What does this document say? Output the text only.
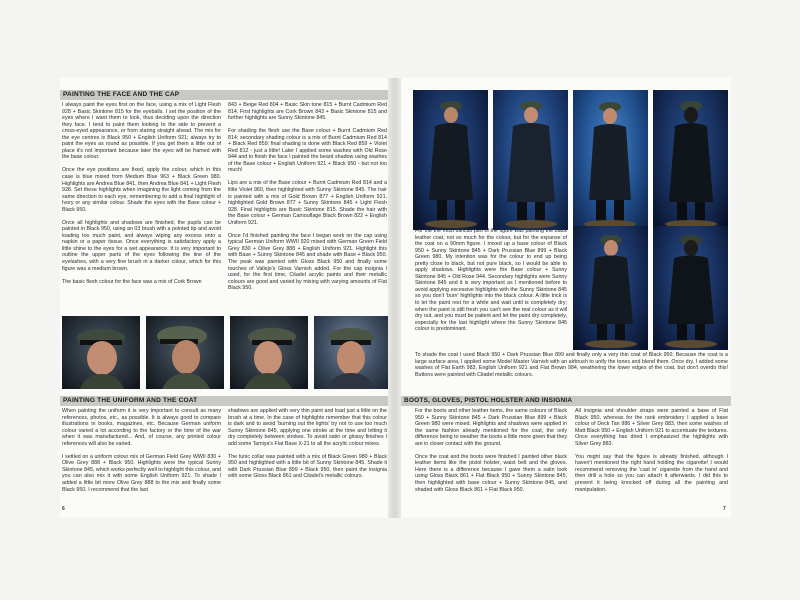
PAINTING THE FACE AND THE CAP

I always paint the eyes first on the face, using a mix of Light Flesh 928 + Basic Skintone 815 for the eyeballs. I set the position of the eyes where I want them to look, thus deciding upon the direction they face. I tend to paint them looking to the side to prevent a cross-eyed appearance, or from staring straight ahead. The mix for the eye centres is Black 950 + English Uniform 921; always try to paint the eyes as round as possible. If you get them a little out of place it's not important because later the eyes will be framed with the base colour.

Once the eye positions are fixed, apply the colour, which in this case is blue mixed from Medium Blue 963 + Black Green 980. Highlights are Andrea Blue 841, then Andrea Blue 841 + Light Flesh 928. Set these highlights when imagining the light coming from the same direction to each eye, remembering to add a final highlight of Ivory or any similar colour. Shade the eyes with the Base colour + Black 950.

Once all highlights and shadows are finished, the pupils can be painted in Black 950, using an 03 brush with a pointed tip and avoid loading too much paint, and always wiping any excess onto a napkin or a paper tissue. Once everything is satisfactory apply a little shine to the eyes for a wet appearance. It is very important to outline the upper parts of the eyes following the line of the eyelashes, with a very fine brush in a darker colour, which for this figure was a medium brown.

The basic flesh colour for the face was a mix of Cork Brown

843 + Beige Red 804 + Basic Skin tone 815 + Burnt Cadmium Red 814. First highlights are Cork Brown 843 + Basic Skintone 815 and further highlights are Sunny Skintone 845.

For shading the flesh use the Base colour + Burnt Cadmium Red 814; secondary shading colour is a mix of Burnt Cadmium Red 814 + Black Red 859; final shading is done with Black Red 859 + Violet Red 812 - just a little! Later I applied some washes with Old Rose 944 and to finish the face I painted the beard shadow using washes of the Base colour + English Uniform 921 + Black 950 - but not too much!

Lips are a mix of the Base colour + Burnt Cadmium Red 814 and a little Violet 960, then highlighted with Sunny Skintone 845. The hair is painted with a mix of Gold Brown 877 + English Uniform 921, highlighted Gold Brown 877 + Sunny Skintone 845 + Light Flesh 928. Final highlights are Basic Skintone 815. Shade the hair with the Base colour + German Camouflage Black Brown 822 + English Uniform 921.

Once I'd finished painting the face I began work on the cap using typical German Uniform WWII 920 mixed with German Green Field Grey 830 + Olive Grey 888 + English Uniform 921. Highlight this with Base + Sunny Skintone 845 and shade with Base + Black 950. The peak was painted with Gloss Black 950 and finally some touches of Vallejo's Gloss Varnish added. For the cap insignia I used, for the first time, Citadel acrylic paints and their metallic colours are good and varied by mixing with varying amounts of Flat Black 950.

PAINTING THE UNIFORM AND THE COAT

When painting the uniform it is very important to consult as many references, photos, etc., as possible. It is always good to compare illustrations in books, magazines, etc. Because German uniform colour varied a lot according to the factory or the time of the war when it was manufactured... And, of course, any printed colour references will also be varied.

I settled on a uniform colour mix of German Field Grey WWII 830 + Olive Grey 888 + Black 950. Highlights were the typical Sunny Skintone 845, which works perfectly well to highlight this colour, and you can also mix it with some English Uniform 921. To shade I added a little bit more Olive Grey 888 to the mix and finally some Black 950. I recommend that the last

shadows are applied with very thin paint and load just a little on the brush at a time. In the case of highlights remember that this colour is dark and to avoid 'burning out the lights' try not to use too much Sunny Skintone 845, applying one stroke at the time and letting it dry completely between strokes. To avoid satin or glossy finishes I add some Tamiya's Flat Base X-21 to all the acrylic colour mixes.

The tunic collar was painted with a mix of Black Green 980 + Black 950 and highlighted with a little bit of Sunny Skintone 845. Shade it with Dark Prussian Blue 899 + Black 950, then paint the insignia with some Gloss Black 861 and Citadel's metallic colours.

6

For me the most difficult part of the figure was painting the black leather coat, not so much for the colour, but for the expanse of the coat on a 90mm figure. I mixed up a base colour of Black 950 + Sunny Skintone 845 + Dark Prussian Blue 899 + Black Green 980. My intention was for the colour to end up being pretty close to black, but not pure black, so I would be able to apply shadows. Highlights were the Base colour + Sunny Skintone 845 + Old Rose 944. Secondary highlights were Sunny Skintone 845 and it is very important as I mentioned before to avoid applying excessive highlights with the Sunny Skintone 845 so you don't 'burn' highlights into the black colour. A little trick is to let the paint rest for a while and wait until is completely dry; when the paint is still fresh you can't see the real colour as it will dry out, and you must be patient and let the paint dry completely, especially for the last highlight where the Sunny Skintone 845 colour is predominant.

To shade the coat I used Black 950 + Dark Prussian Blue 899 and finally only a very thin coat of Black 950. Because the coat is a large surface area, I applied some Model Master Varnish with an airbrush to unify the tones and blend them. Once dry, I added some washes of Flat Earth 983, English Uniform 921 and Flat Brown 984, weathering the lower edges of the coat, but don't overdo this! Buttons were painted with Citadel metallic colours.

BOOTS, GLOVES, PISTOL HOLSTER AND INSIGNIA

For the boots and other leather items, the same colours of Black 950 + Sunny Skintone 845 + Dark Prussian Blue 899 + Black Green 980 were mixed. Highlights and shadows were applied in the same fashion already mentioned for the coat, the only difference being to weather the boots a little more given that they are in closer contact with the ground.

Once the coat and the boots were finished I painted other black leather items like the pistol holster, waist belt and the gloves. Here there is a difference because I gave them a satin look using Gloss Black 861 + Flat Black 950 + Sunny Skintone 845, then highlighted with base colour + Sunny Skintone 845, and shaded with Gloss Black 861 + Flat Black 950.

All insignia and shoulder straps were painted a base of Flat Black 950, whereas for the rank embroidery I applied a base colour of Deck Tan 986 + Silver Grey 883, then some washes of Matt Black 950 + English Uniform 921 to accentuate the textures. Once everything has dried I emphasized the highlights with Silver Grey 883.

You might say that the figure is already finished, although I haven't mentioned the right hand holding the cigarette! I would recommend removing the 'cast in' cigarette from the hand and then drill a hole so you can attach it afterwards. I did this to prevent it being knocked off during all the painting and manipulation.

7
